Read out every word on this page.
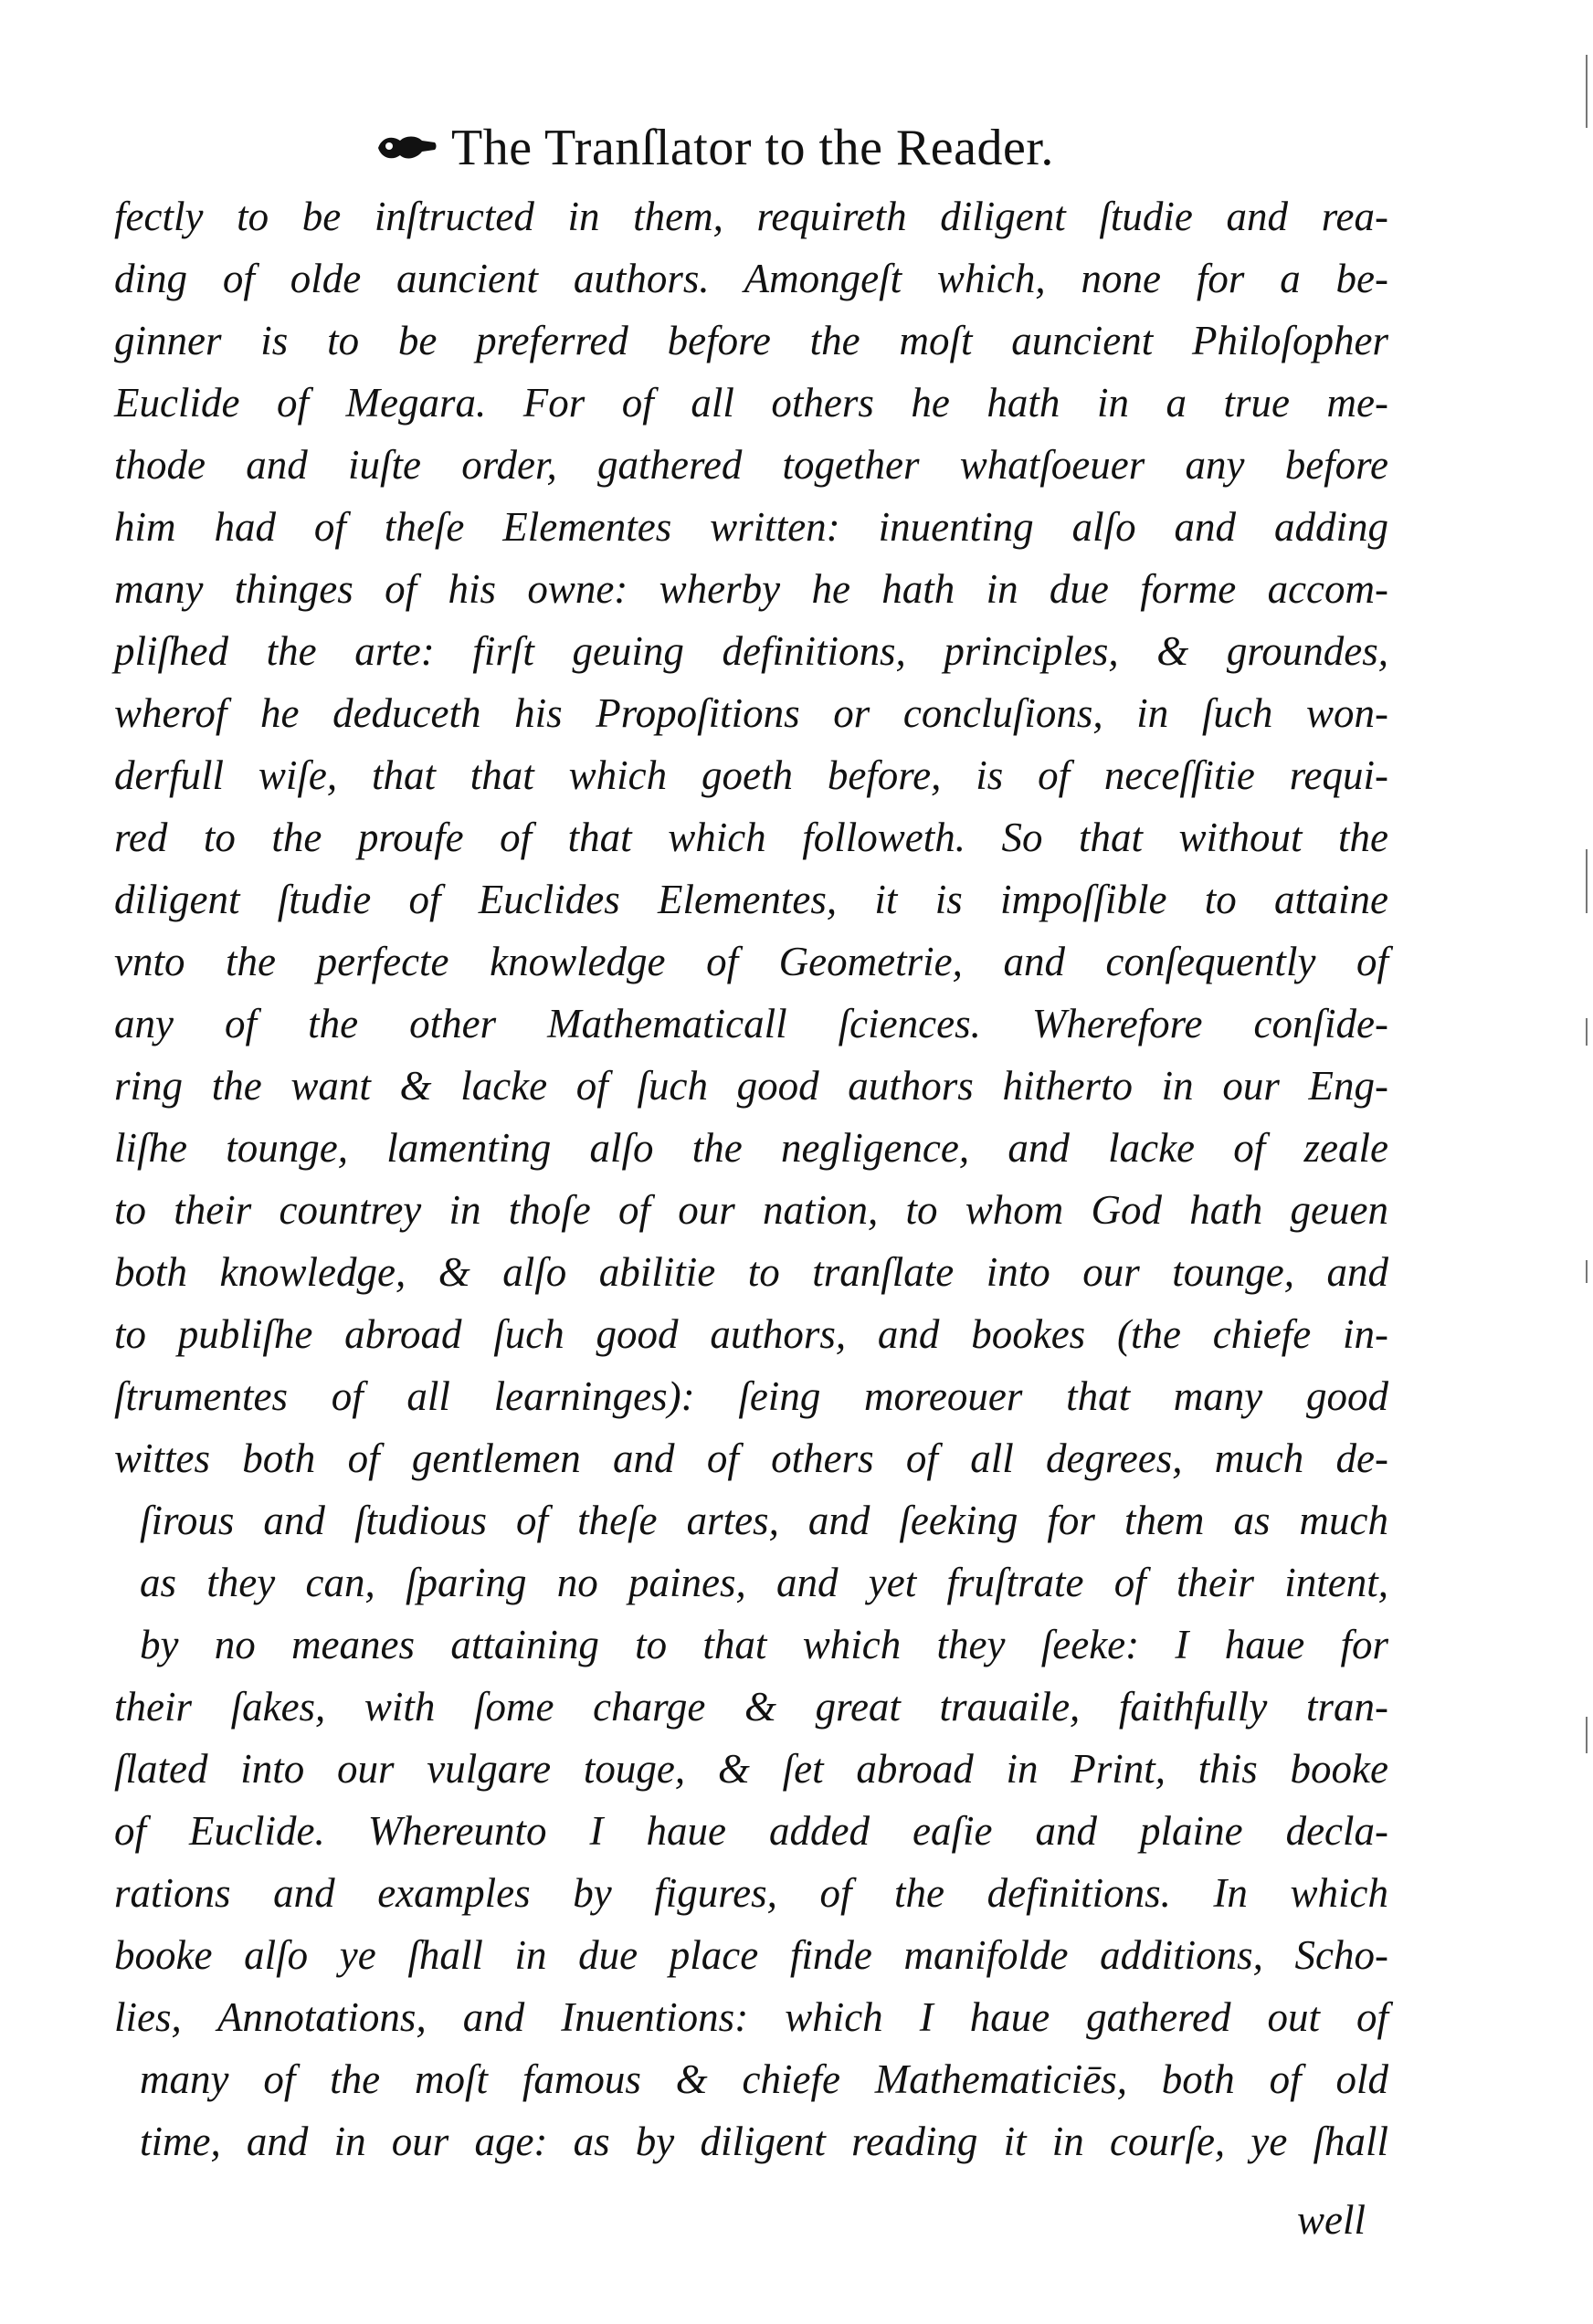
The Tranſlator to the Reader.
fectly to be inſtructed in them, requireth diligent ſtudie and rea-
ding of olde auncient authors. Amongeſt which, none for a be-
ginner is to be preferred before the moſt auncient Philoſopher
Euclide of Megara. For of all others he hath in a true me-
thode and iuſte order, gathered together whatſoeuer any before
him had of theſe Elementes written: inuenting alſo and adding
many thinges of his owne: wherby he hath in due forme accom-
pliſhed the arte: firſt geuing definitions, principles, & groundes,
wherof he deduceth his Propoſitions or concluſions, in ſuch won-
derfull wiſe, that that which goeth before, is of neceſſitie requi-
red to the proufe of that which followeth. So that without the
diligent ſtudie of Euclides Elementes, it is impoſſible to attaine
vnto the perfecte knowledge of Geometrie, and conſequently of
any of the other Mathematicall ſciences. Wherefore conſide-
ring the want & lacke of ſuch good authors hitherto in our Eng-
liſhe tounge, lamenting alſo the negligence, and lacke of zeale
to their countrey in thoſe of our nation, to whom God hath geuen
both knowledge, & alſo abilitie to tranſlate into our tounge, and
to publiſhe abroad ſuch good authors, and bookes (the chiefe in-
ſtrumentes of all learninges): ſeing moreouer that many good
wittes both of gentlemen and of others of all degrees, much de-
ſirous and ſtudious of theſe artes, and ſeeking for them as much
as they can, ſparing no paines, and yet fruſtrate of their intent,
by no meanes attaining to that which they ſeeke: I haue for
their ſakes, with ſome charge & great trauaile, faithfully tran-
ſlated into our vulgare touge, & ſet abroad in Print, this booke
of Euclide. Whereunto I haue added eaſie and plaine decla-
rations and examples by figures, of the definitions. In which
booke alſo ye ſhall in due place finde manifolde additions, Scho-
lies, Annotations, and Inuentions: which I haue gathered out of
many of the moſt famous & chiefe Mathematiciēs, both of old
time, and in our age: as by diligent reading it in courſe, ye ſhall
well
